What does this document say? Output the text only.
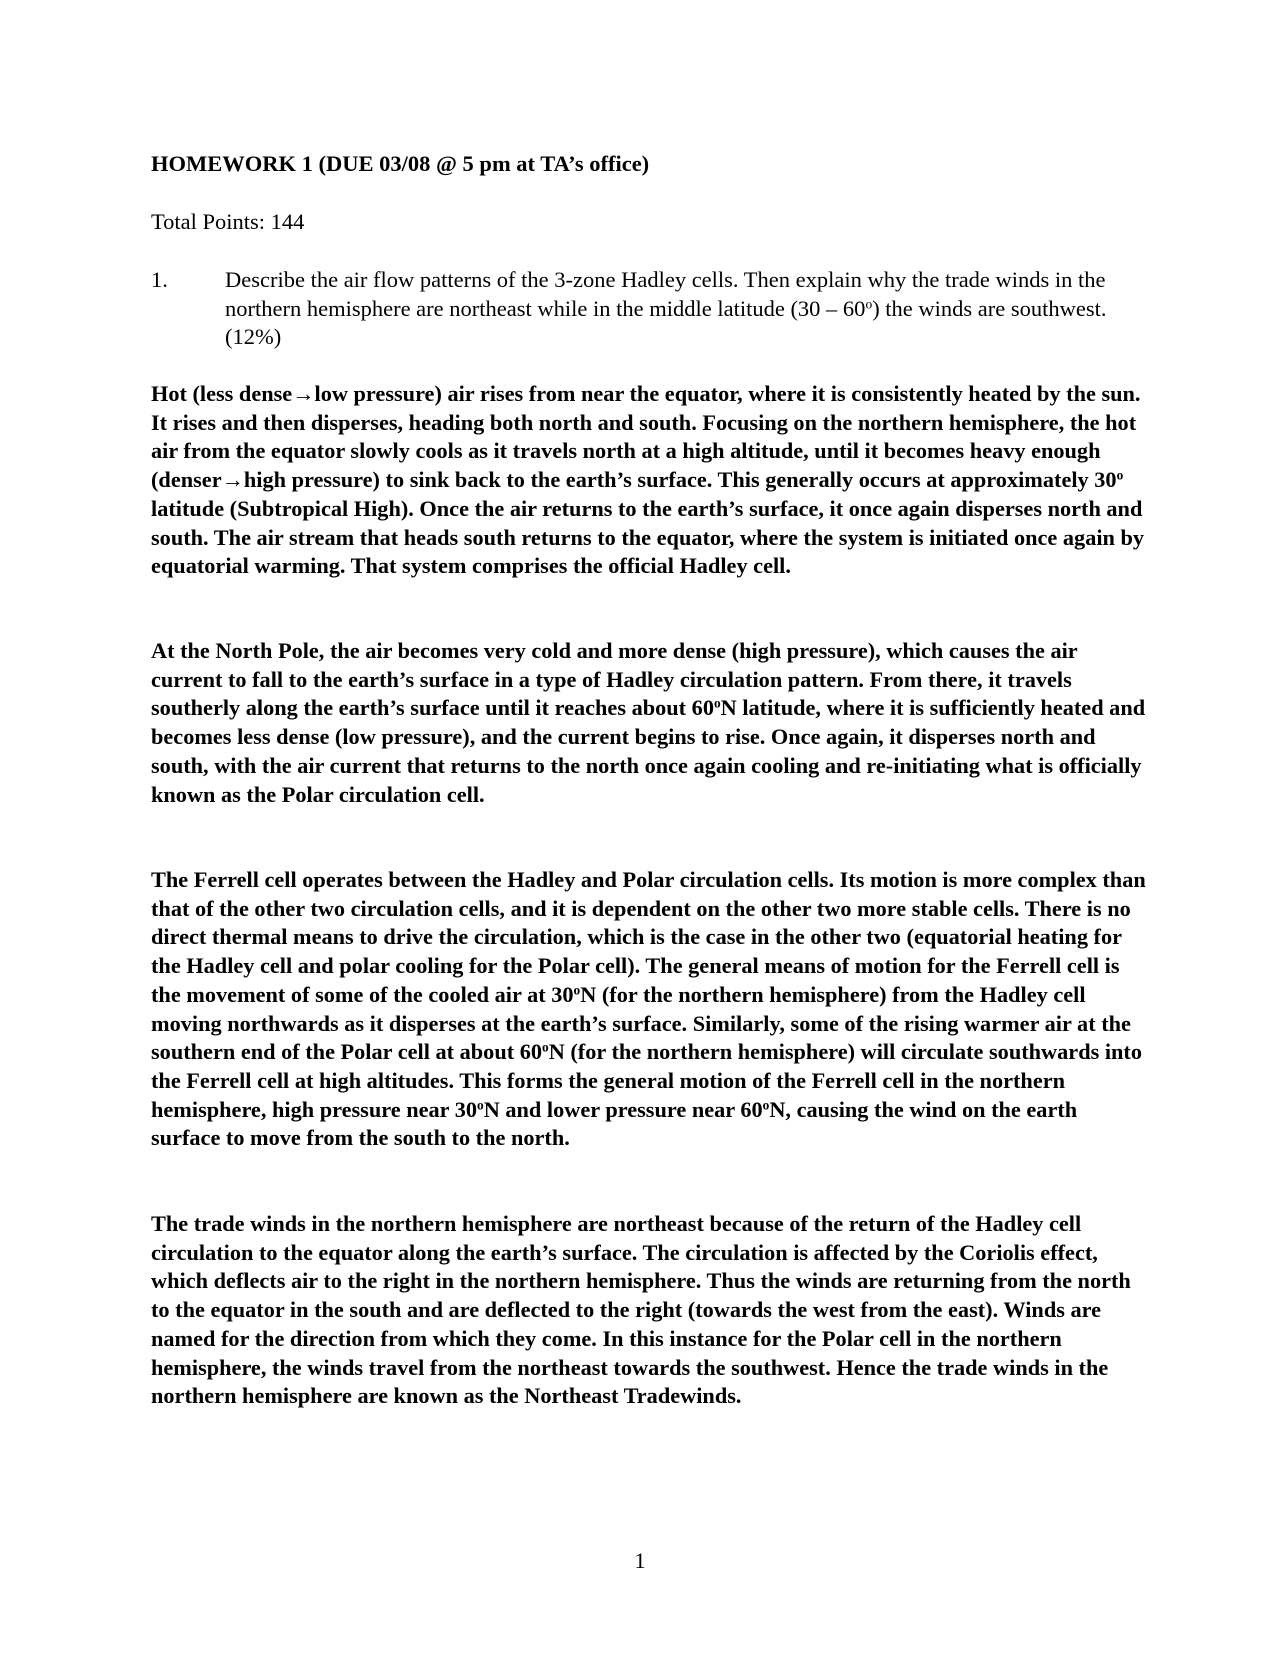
HOMEWORK 1 (DUE 03/08 @ 5 pm at TA’s office)

Total Points: 144

1.	Describe the air flow patterns of the 3-zone Hadley cells. Then explain why the trade winds in the northern hemisphere are northeast while in the middle latitude (30 – 60$^o$) the winds are southwest. (12%)

Hot (less dense→low pressure) air rises from near the equator, where it is consistently heated by the sun. It rises and then disperses, heading both north and south. Focusing on the northern hemisphere, the hot air from the equator slowly cools as it travels north at a high altitude, until it becomes heavy enough (denser→high pressure) to sink back to the earth’s surface. This generally occurs at approximately 30$^o$ latitude (Subtropical High). Once the air returns to the earth’s surface, it once again disperses north and south. The air stream that heads south returns to the equator, where the system is initiated once again by equatorial warming. That system comprises the official Hadley cell.

At the North Pole, the air becomes very cold and more dense (high pressure), which causes the air current to fall to the earth’s surface in a type of Hadley circulation pattern. From there, it travels southerly along the earth’s surface until it reaches about 60$^o$N latitude, where it is sufficiently heated and becomes less dense (low pressure), and the current begins to rise. Once again, it disperses north and south, with the air current that returns to the north once again cooling and re-initiating what is officially known as the Polar circulation cell.

The Ferrell cell operates between the Hadley and Polar circulation cells. Its motion is more complex than that of the other two circulation cells, and it is dependent on the other two more stable cells. There is no direct thermal means to drive the circulation, which is the case in the other two (equatorial heating for the Hadley cell and polar cooling for the Polar cell). The general means of motion for the Ferrell cell is the movement of some of the cooled air at 30$^o$N (for the northern hemisphere) from the Hadley cell moving northwards as it disperses at the earth’s surface. Similarly, some of the rising warmer air at the southern end of the Polar cell at about 60$^o$N (for the northern hemisphere) will circulate southwards into the Ferrell cell at high altitudes. This forms the general motion of the Ferrell cell in the northern hemisphere, high pressure near 30$^o$N and lower pressure near 60$^o$N, causing the wind on the earth surface to move from the south to the north.

The trade winds in the northern hemisphere are northeast because of the return of the Hadley cell circulation to the equator along the earth’s surface. The circulation is affected by the Coriolis effect, which deflects air to the right in the northern hemisphere. Thus the winds are returning from the north to the equator in the south and are deflected to the right (towards the west from the east). Winds are named for the direction from which they come. In this instance for the Polar cell in the northern hemisphere, the winds travel from the northeast towards the southwest. Hence the trade winds in the northern hemisphere are known as the Northeast Tradewinds.

1
